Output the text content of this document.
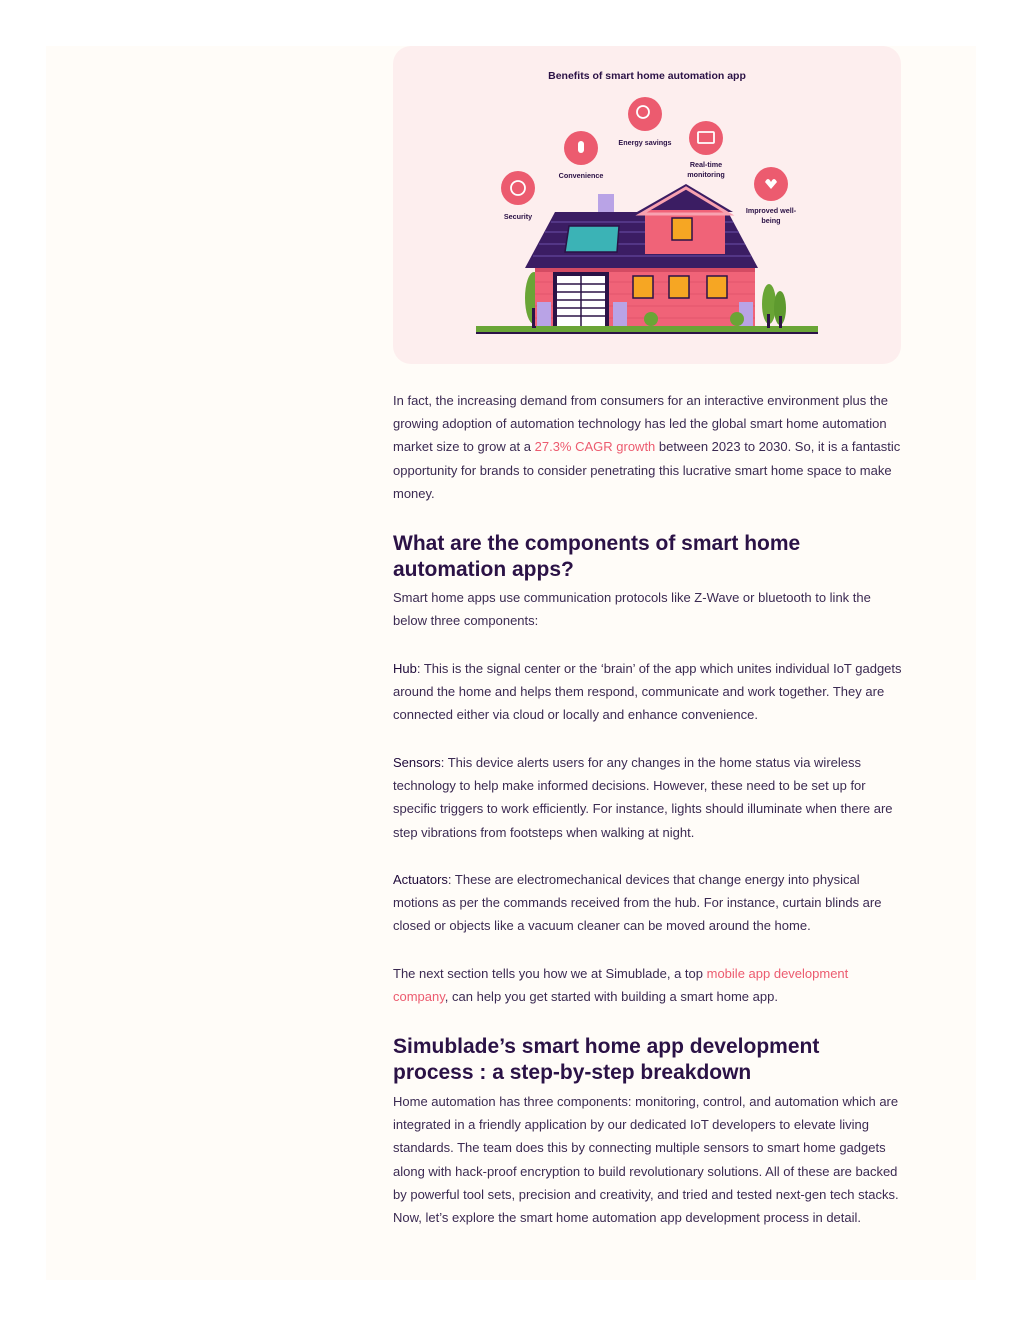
Benefits of smart home automation app
Security
Convenience
Energy savings
Real-time monitoring
Improved well-being

In fact, the increasing demand from consumers for an interactive environment plus the growing adoption of automation technology has led the global smart home automation market size to grow at a 27.3% CAGR growth between 2023 to 2030. So, it is a fantastic opportunity for brands to consider penetrating this lucrative smart home space to make money.

What are the components of smart home automation apps?

Smart home apps use communication protocols like Z-Wave or bluetooth to link the below three components:

Hub: This is the signal center or the ‘brain’ of the app which unites individual IoT gadgets around the home and helps them respond, communicate and work together. They are connected either via cloud or locally and enhance convenience.

Sensors: This device alerts users for any changes in the home status via wireless technology to help make informed decisions. However, these need to be set up for specific triggers to work efficiently. For instance, lights should illuminate when there are step vibrations from footsteps when walking at night.

Actuators: These are electromechanical devices that change energy into physical motions as per the commands received from the hub. For instance, curtain blinds are closed or objects like a vacuum cleaner can be moved around the home.

The next section tells you how we at Simublade, a top mobile app development company, can help you get started with building a smart home app.

Simublade’s smart home app development process : a step-by-step breakdown

Home automation has three components: monitoring, control, and automation which are integrated in a friendly application by our dedicated IoT developers to elevate living standards. The team does this by connecting multiple sensors to smart home gadgets along with hack-proof encryption to build revolutionary solutions. All of these are backed by powerful tool sets, precision and creativity, and tried and tested next-gen tech stacks. Now, let’s explore the smart home automation app development process in detail.
